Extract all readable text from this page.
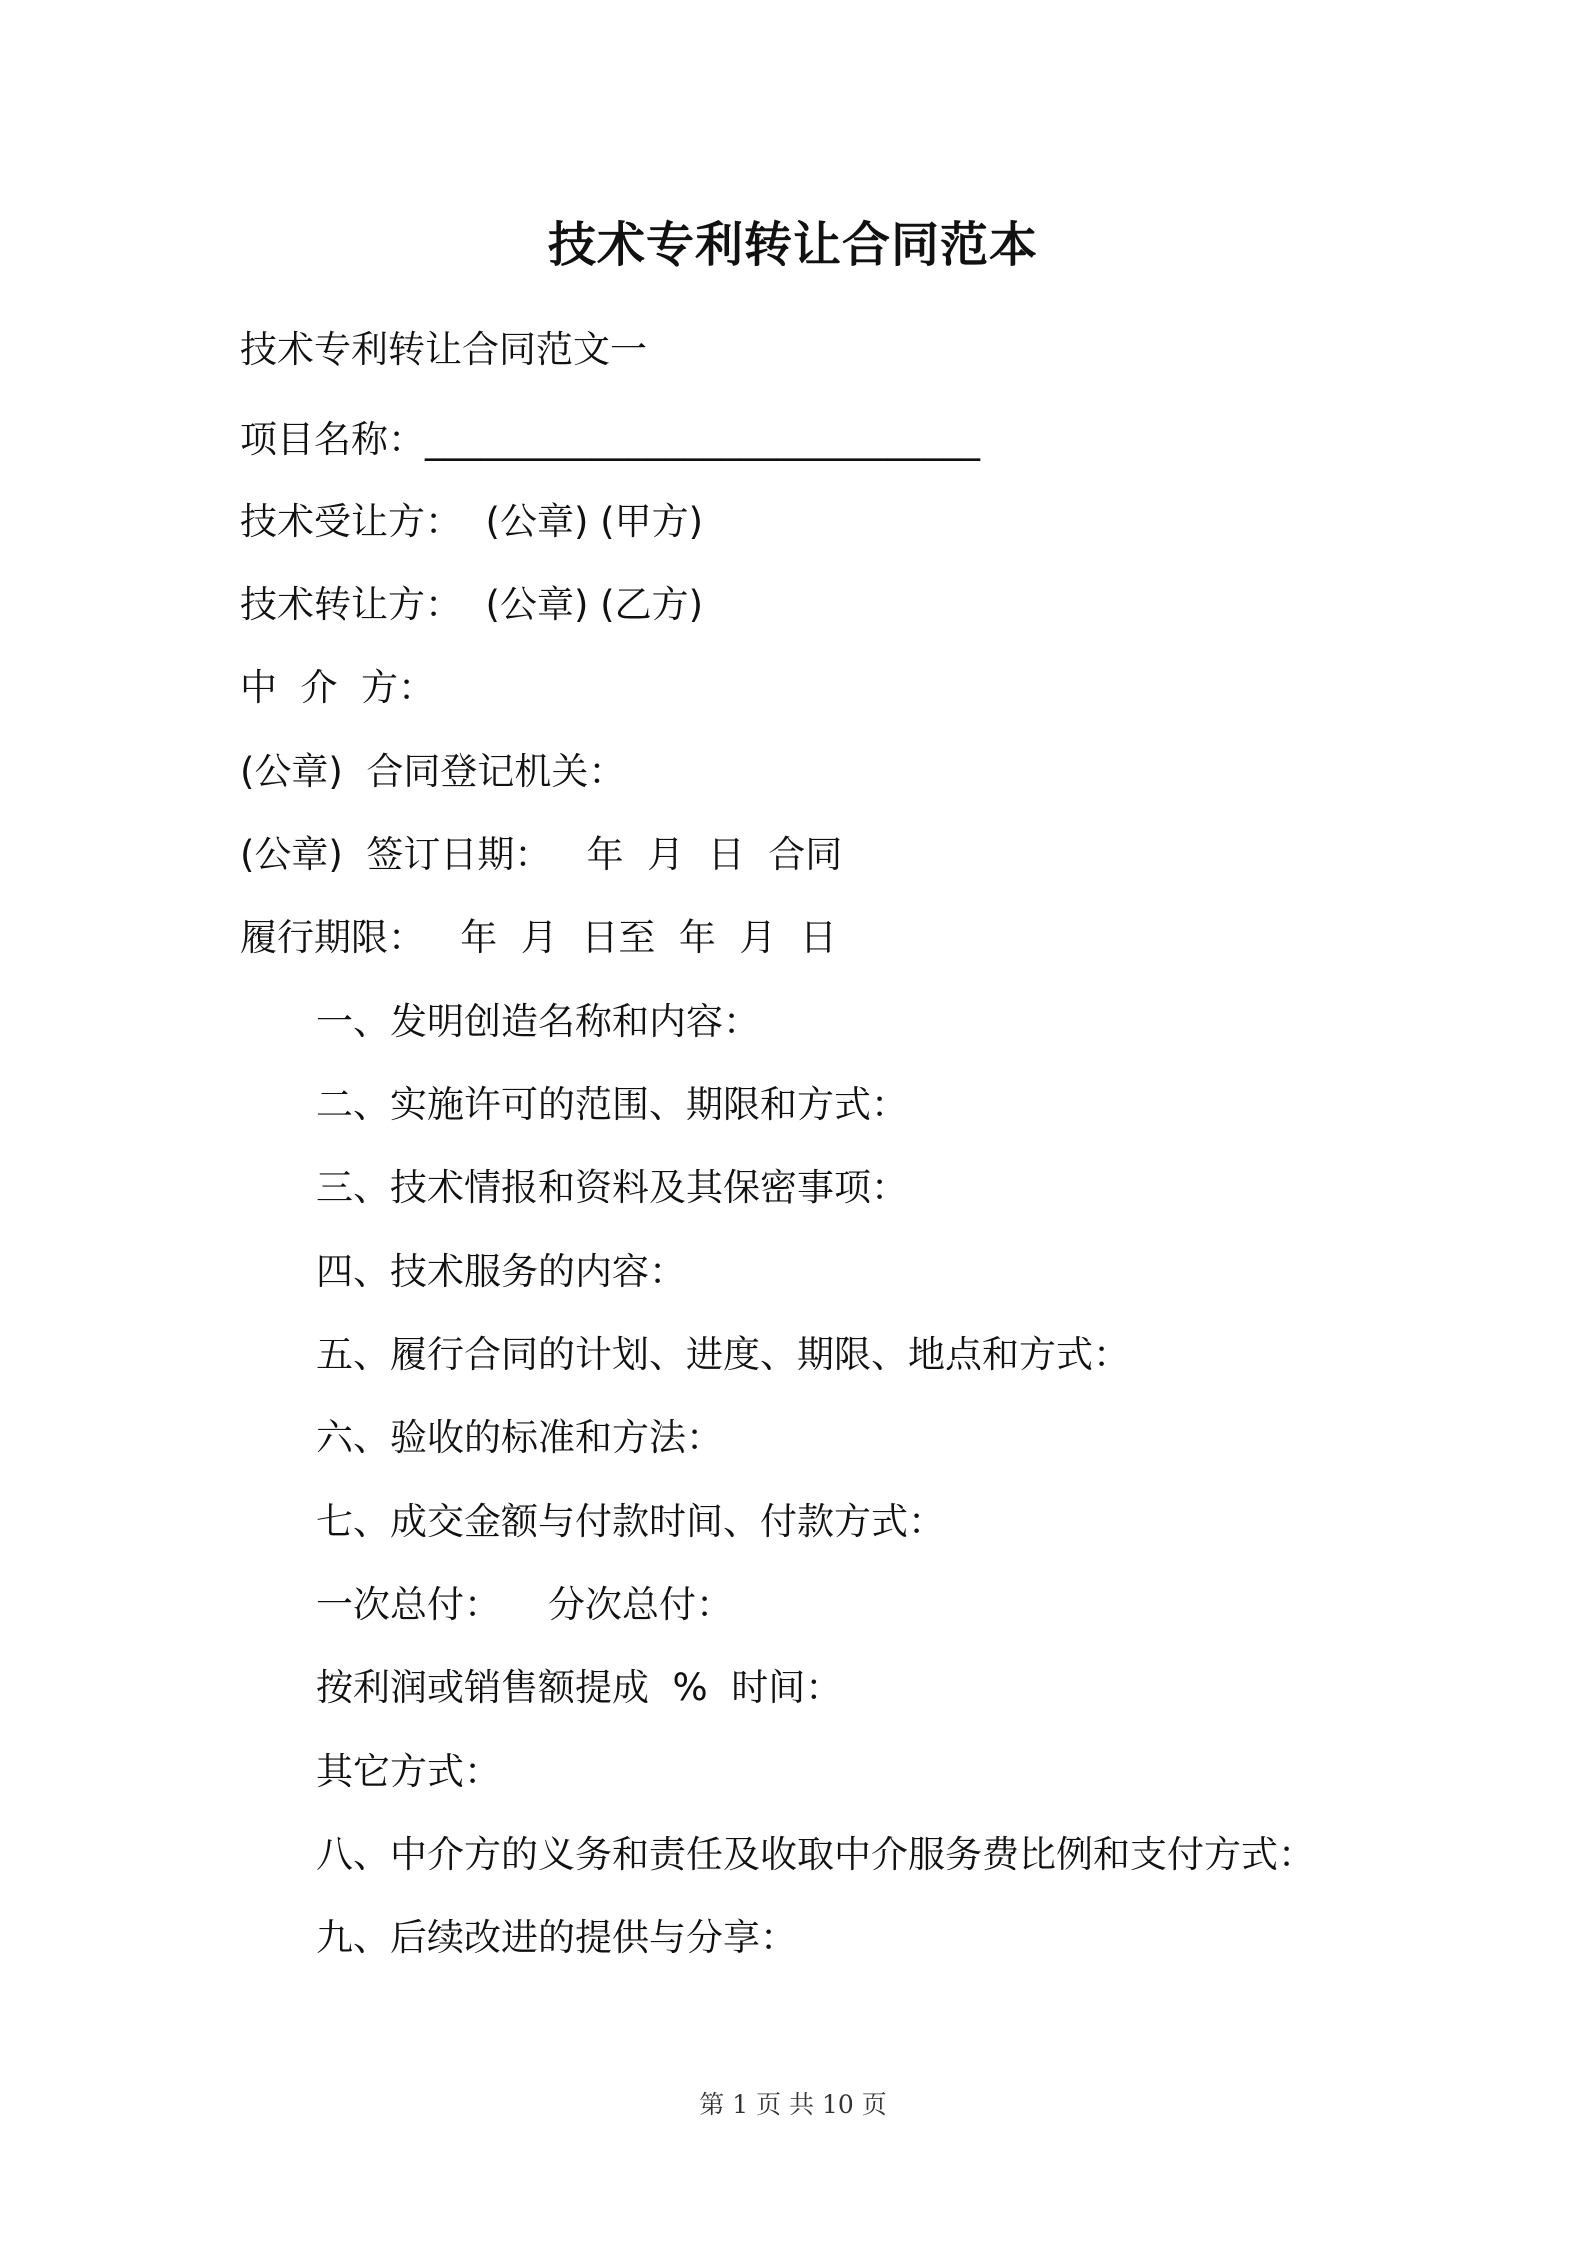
技术专利转让合同范本
技术专利转让合同范文一
项目名称：______________________________
技术受让方：  (公章) (甲方)
技术转让方：  (公章) (乙方)
中  介  方：
(公章)  合同登记机关：
(公章)  签订日期：   年  月  日  合同
履行期限：   年  月  日至  年  月  日
一、发明创造名称和内容：
二、实施许可的范围、期限和方式：
三、技术情报和资料及其保密事项：
四、技术服务的内容：
五、履行合同的计划、进度、期限、地点和方式：
六、验收的标准和方法：
七、成交金额与付款时间、付款方式：
一次总付：    分次总付：
按利润或销售额提成  %  时间：
其它方式：
八、中介方的义务和责任及收取中介服务费比例和支付方式：
九、后续改进的提供与分享：
第 1 页 共 10 页
